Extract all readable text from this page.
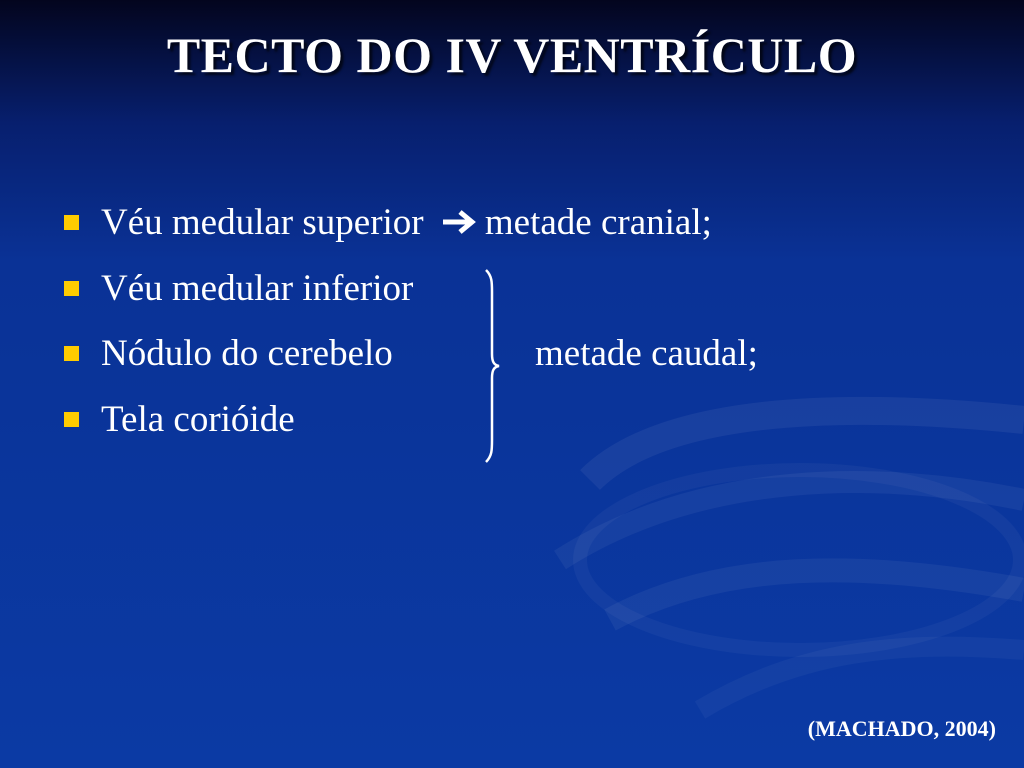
TECTO DO IV VENTRÍCULO
Véu medular superior metade cranial;
Véu medular inferior
Nódulo do cerebelo
Tela corióide
metade caudal;
(MACHADO, 2004)
